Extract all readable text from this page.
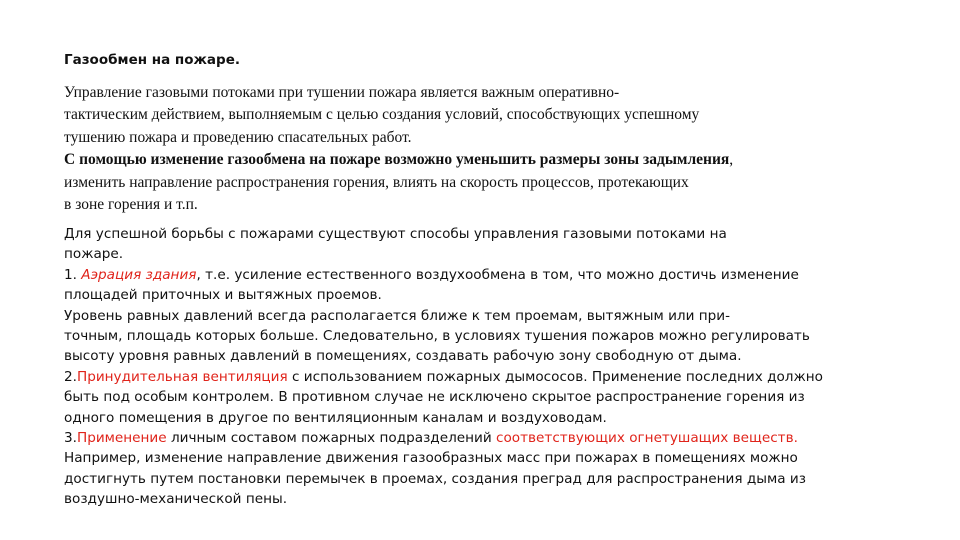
Газообмен на пожаре.
Управление газовыми потоками при тушении пожара является важным оперативно-
тактическим действием, выполняемым с целью создания условий, способствующих успешному
тушению пожара и проведению спасательных работ.
С помощью изменение газообмена на пожаре возможно уменьшить размеры зоны задымления,
изменить направление распространения горения, влиять на скорость процессов, протекающих
в зоне горения и т.п.
Для успешной борьбы с пожарами существуют способы управления газовыми потоками на
пожаре.
1. Аэрация здания, т.е. усиление естественного воздухообмена в том, что можно достичь изменение
площадей приточных и вытяжных проемов.
Уровень равных давлений всегда располагается ближе к тем проемам, вытяжным или при-
точным, площадь которых больше. Следовательно, в условиях тушения пожаров можно регулировать
высоту уровня равных давлений в помещениях, создавать рабочую зону свободную от дыма.
2.Принудительная вентиляция с использованием пожарных дымососов. Применение последних должно
быть под особым контролем. В противном случае не исключено скрытое распространение горения из
одного помещения в другое по вентиляционным каналам и воздуховодам.
3.Применение личным составом пожарных подразделений соответствующих огнетушащих веществ.
Например, изменение направление движения газообразных масс при пожарах в помещениях можно
достигнуть путем постановки перемычек в проемах, создания преград для распространения дыма из
воздушно-механической пены.
